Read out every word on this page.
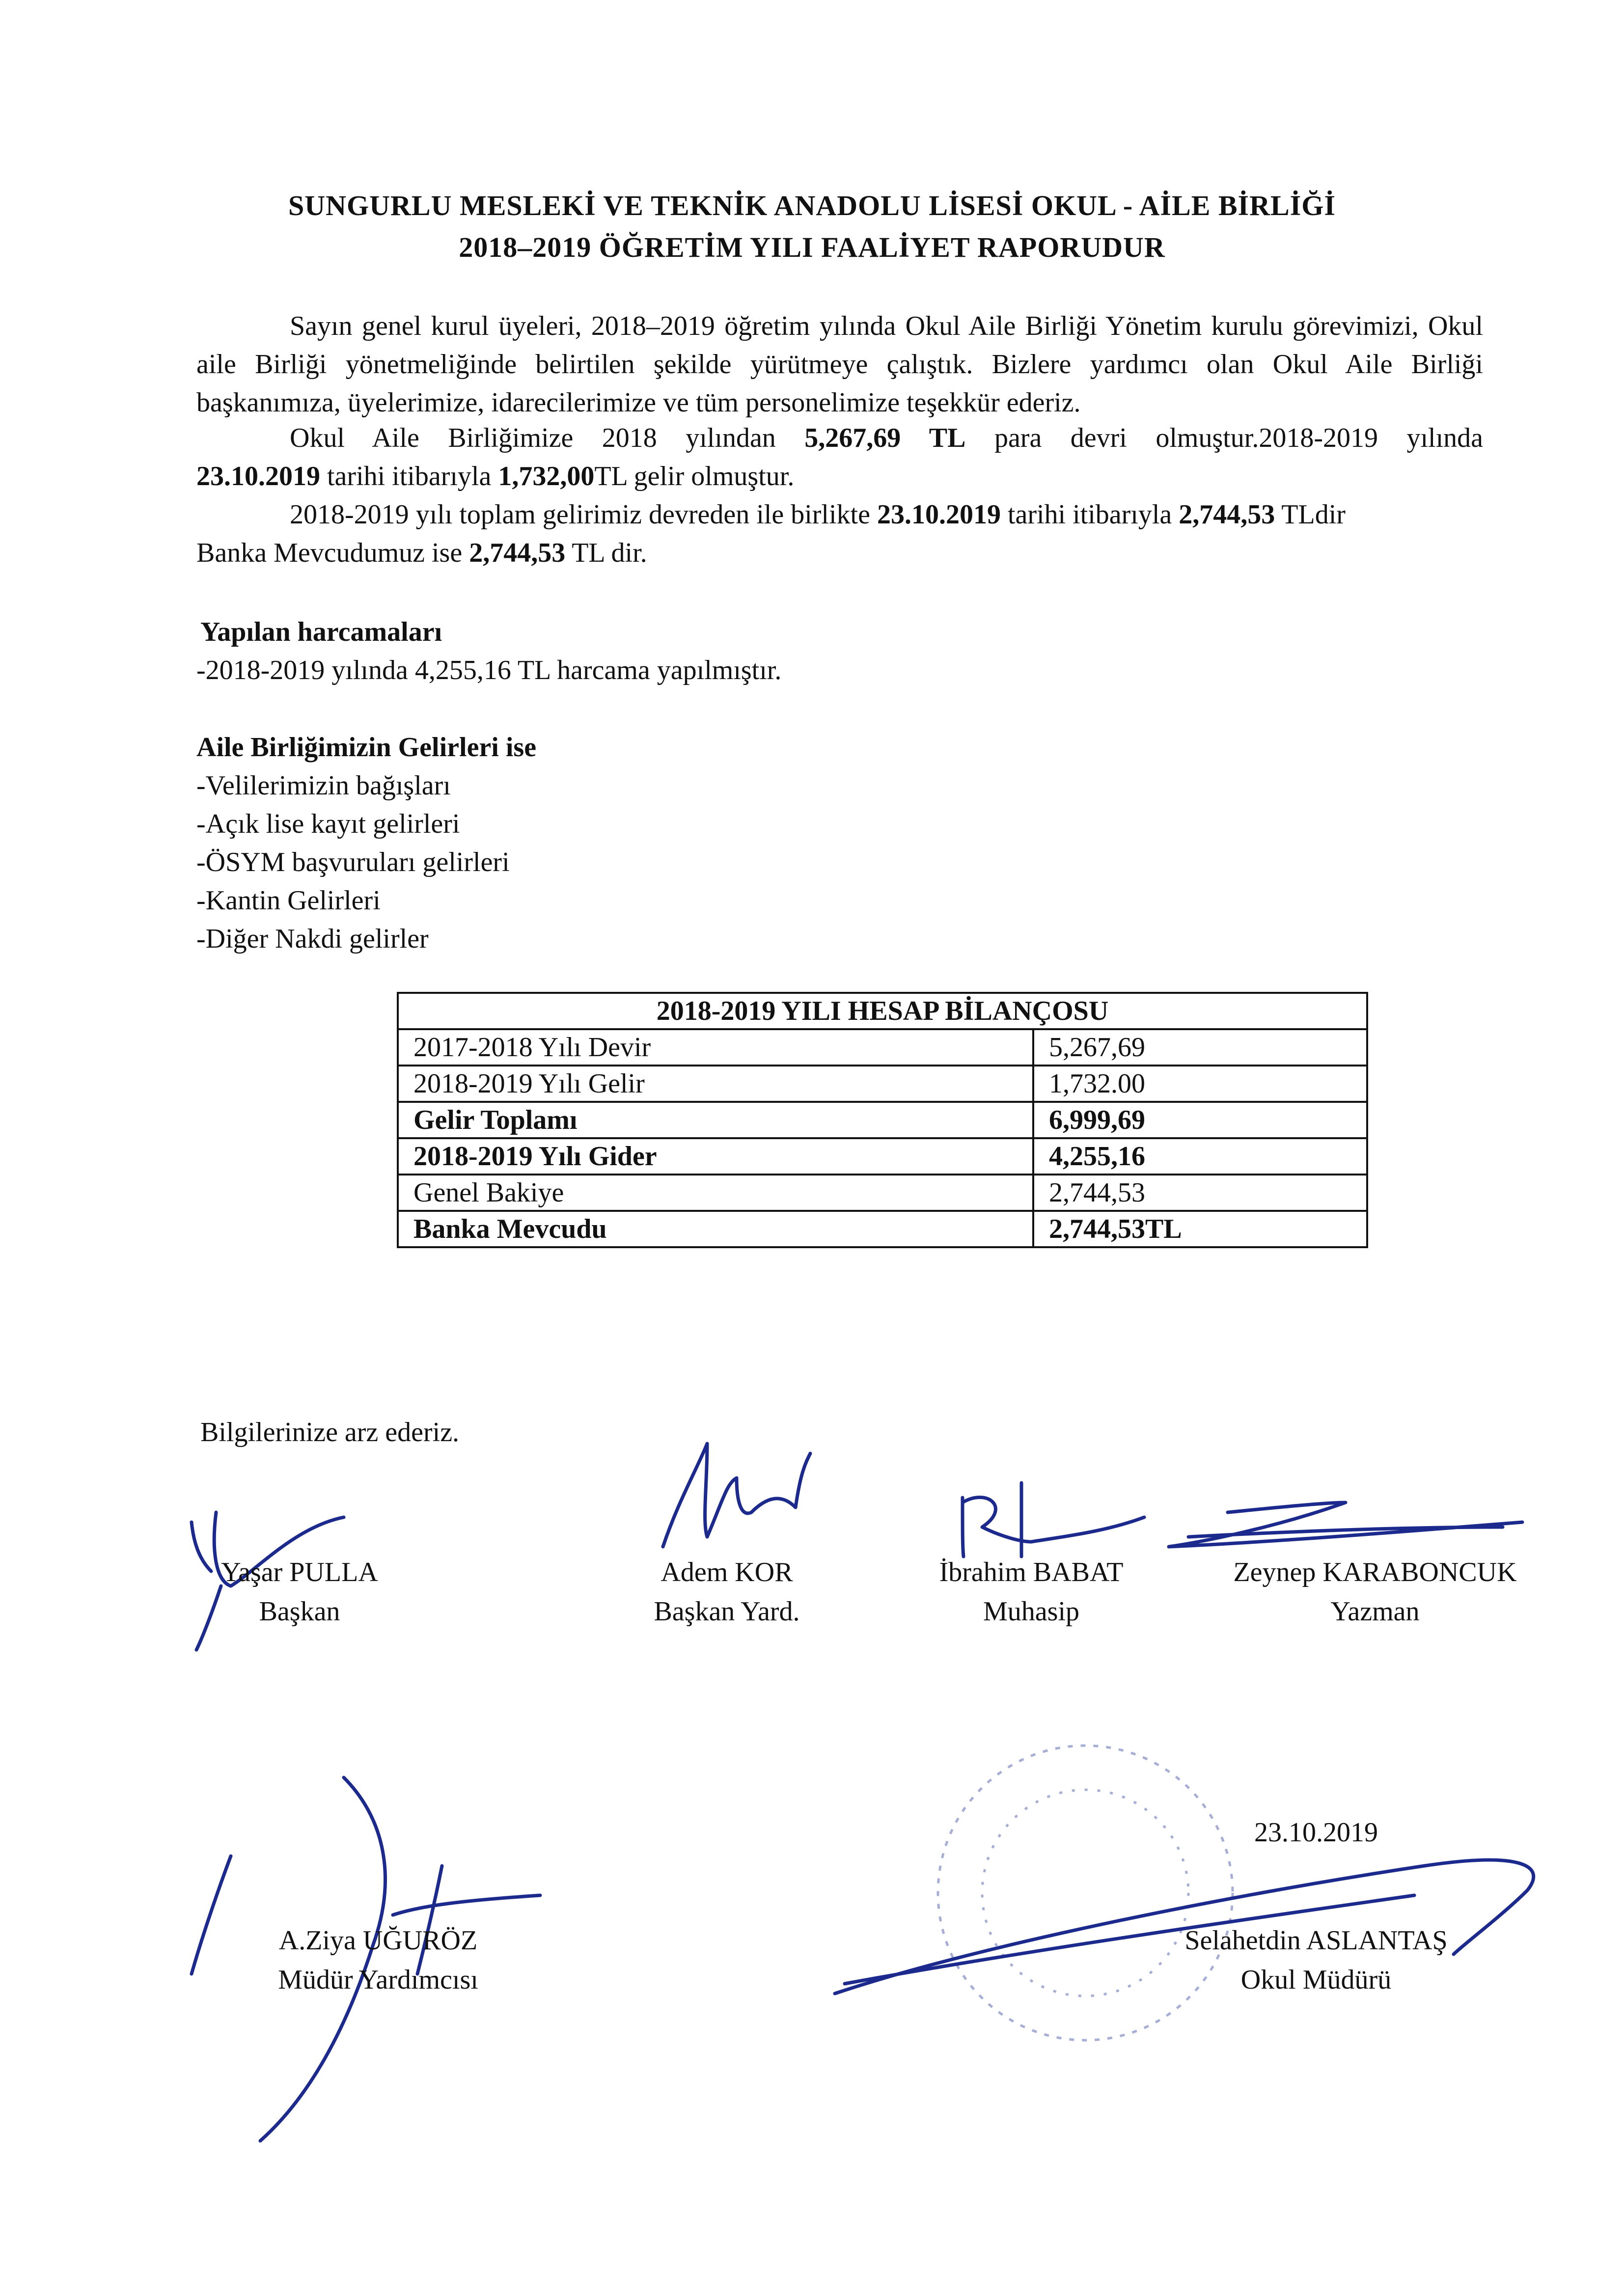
SUNGURLU MESLEKİ VE TEKNİK ANADOLU LİSESİ OKUL - AİLE BİRLİĞİ
2018–2019 ÖĞRETİM YILI FAALİYET RAPORUDUR
Sayın genel kurul üyeleri, 2018–2019 öğretim yılında Okul Aile Birliği Yönetim kurulu görevimizi, Okul aile Birliği yönetmeliğinde belirtilen şekilde yürütmeye çalıştık. Bizlere yardımcı olan Okul Aile Birliği başkanımıza, üyelerimize, idarecilerimize ve tüm personelimize teşekkür ederiz.
Okul Aile Birliğimize 2018 yılından 5,267,69 TL para devri olmuştur.2018-2019 yılında
23.10.2019 tarihi itibarıyla 1,732,00TL gelir olmuştur.
2018-2019 yılı toplam gelirimiz devreden ile birlikte 23.10.2019 tarihi itibarıyla 2,744,53 TLdir
Banka Mevcudumuz ise 2,744,53 TL dir.
Yapılan harcamaları
-2018-2019 yılında 4,255,16 TL harcama yapılmıştır.
Aile Birliğimizin Gelirleri ise
-Velilerimizin bağışları
-Açık lise kayıt gelirleri
-ÖSYM başvuruları gelirleri
-Kantin Gelirleri
-Diğer Nakdi gelirler
2018-2019 YILI HESAP BİLANÇOSU	
2017-2018 Yılı Devir	5,267,69
2018-2019 Yılı Gelir	1,732.00
Gelir Toplamı	6,999,69
2018-2019 Yılı Gider	4,255,16
Genel Bakiye	2,744,53
Banka Mevcudu	2,744,53TL
Bilgilerinize arz ederiz.
Yaşar PULLA
Başkan
Adem KOR
Başkan Yard.
İbrahim BABAT
Muhasip
Zeynep KARABONCUK
Yazman
A.Ziya UĞURÖZ
Müdür Yardımcısı
23.10.2019
Selahetdin ASLANTAŞ
Okul Müdürü
